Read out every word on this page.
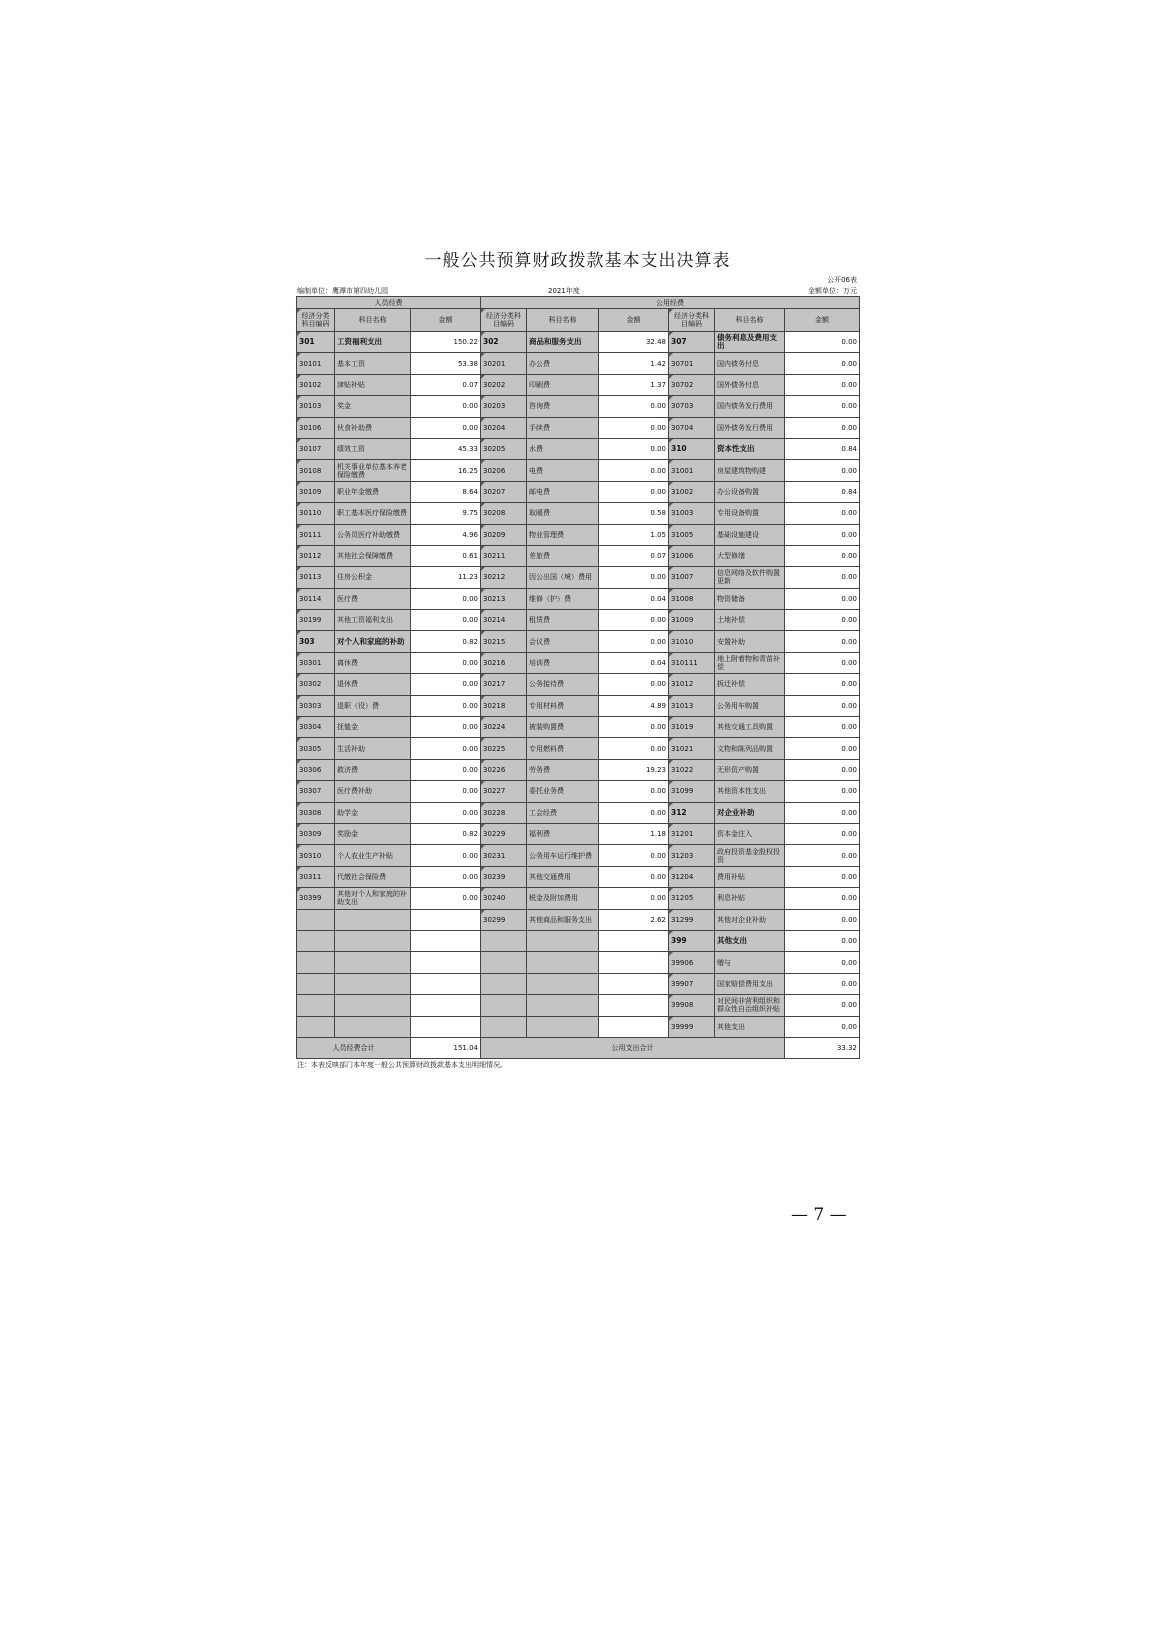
一般公共预算财政拨款基本支出决算表
公开06表
编制单位：鹰潭市第四幼儿园	2021年度	金额单位：万元
人员经费			公用经费					
经济分类科目编码	科目名称	金额	经济分类科目编码	科目名称	金额	经济分类科目编码	科目名称	金额
301	工资福利支出	150.22	302	商品和服务支出	32.48	307	债务利息及费用支出	0.00
30101	基本工资	53.38	30201	办公费	1.42	30701	国内债务付息	0.00
30102	津贴补贴	0.07	30202	印刷费	1.37	30702	国外债务付息	0.00
30103	奖金	0.00	30203	咨询费	0.00	30703	国内债务发行费用	0.00
30106	伙食补助费	0.00	30204	手续费	0.00	30704	国外债务发行费用	0.00
30107	绩效工资	45.33	30205	水费	0.00	310	资本性支出	0.84
30108	机关事业单位基本养老保险缴费	16.25	30206	电费	0.00	31001	房屋建筑物购建	0.00
30109	职业年金缴费	8.64	30207	邮电费	0.00	31002	办公设备购置	0.84
30110	职工基本医疗保险缴费	9.75	30208	取暖费	0.58	31003	专用设备购置	0.00
30111	公务员医疗补助缴费	4.96	30209	物业管理费	1.05	31005	基础设施建设	0.00
30112	其他社会保障缴费	0.61	30211	差旅费	0.07	31006	大型修缮	0.00
30113	住房公积金	11.23	30212	因公出国（境）费用	0.00	31007	信息网络及软件购置更新	0.00
30114	医疗费	0.00	30213	维修（护）费	0.04	31008	物资储备	0.00
30199	其他工资福利支出	0.00	30214	租赁费	0.00	31009	土地补偿	0.00
303	对个人和家庭的补助	0.82	30215	会议费	0.00	31010	安置补助	0.00
30301	离休费	0.00	30216	培训费	0.04	310111	地上附着物和青苗补偿	0.00
30302	退休费	0.00	30217	公务接待费	0.00	31012	拆迁补偿	0.00
30303	退职（役）费	0.00	30218	专用材料费	4.89	31013	公务用车购置	0.00
30304	抚恤金	0.00	30224	被装购置费	0.00	31019	其他交通工具购置	0.00
30305	生活补助	0.00	30225	专用燃料费	0.00	31021	文物和陈列品购置	0.00
30306	救济费	0.00	30226	劳务费	19.23	31022	无形资产购置	0.00
30307	医疗费补助	0.00	30227	委托业务费	0.00	31099	其他资本性支出	0.00
30308	助学金	0.00	30228	工会经费	0.00	312	对企业补助	0.00
30309	奖励金	0.82	30229	福利费	1.18	31201	资本金注入	0.00
30310	个人农业生产补贴	0.00	30231	公务用车运行维护费	0.00	31203	政府投资基金股权投资	0.00
30311	代缴社会保险费	0.00	30239	其他交通费用	0.00	31204	费用补贴	0.00
30399	其他对个人和家庭的补助支出	0.00	30240	税金及附加费用	0.00	31205	利息补贴	0.00
			30299	其他商品和服务支出	2.62	31299	其他对企业补助	0.00
						399	其他支出	0.00
						39906	赠与	0.00
						39907	国家赔偿费用支出	0.00
						39908	对民间非营利组织和群众性自治组织补贴	0.00
						39999	其他支出	0.00
人员经费合计		151.04	公用支出合计					33.32
注：本表反映部门本年度一般公共预算财政拨款基本支出明细情况。
— 7 —
